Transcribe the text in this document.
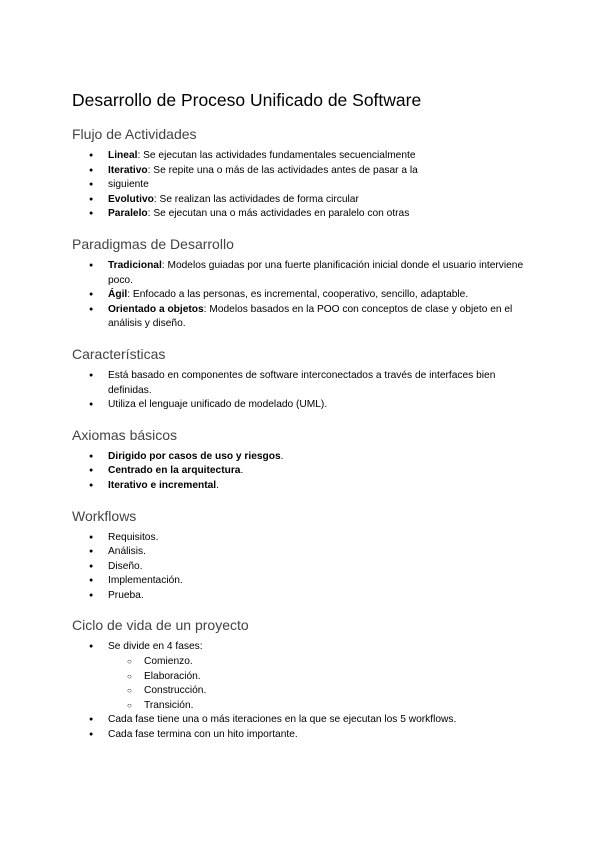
Desarrollo de Proceso Unificado de Software
Flujo de Actividades
● Lineal: Se ejecutan las actividades fundamentales secuencialmente
● Iterativo: Se repite una o más de las actividades antes de pasar a la
● siguiente
● Evolutivo: Se realizan las actividades de forma circular
● Paralelo: Se ejecutan una o más actividades en paralelo con otras
Paradigmas de Desarrollo
● Tradicional: Modelos guiadas por una fuerte planificación inicial donde el usuario interviene poco.
● Ágil: Enfocado a las personas, es incremental, cooperativo, sencillo, adaptable.
● Orientado a objetos: Modelos basados en la POO con conceptos de clase y objeto en el análisis y diseño.
Características
● Está basado en componentes de software interconectados a través de interfaces bien definidas.
● Utiliza el lenguaje unificado de modelado (UML).
Axiomas básicos
● Dirigido por casos de uso y riesgos.
● Centrado en la arquitectura.
● Iterativo e incremental.
Workflows
● Requisitos.
● Análisis.
● Diseño.
● Implementación.
● Prueba.
Ciclo de vida de un proyecto
● Se divide en 4 fases:
○ Comienzo.
○ Elaboración.
○ Construcción.
○ Transición.
● Cada fase tiene una o más iteraciones en la que se ejecutan los 5 workflows.
● Cada fase termina con un hito importante.
